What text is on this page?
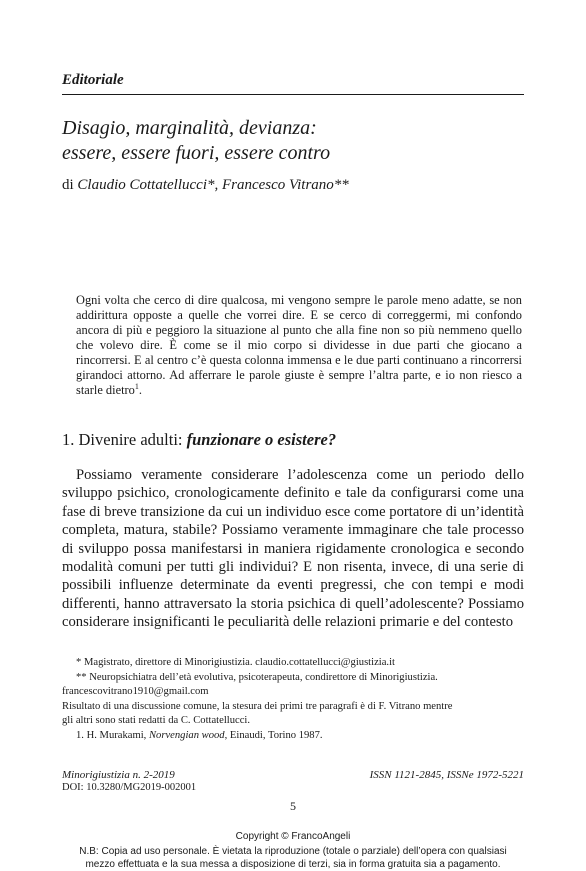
Editoriale
Disagio, marginalità, devianza:
essere, essere fuori, essere contro
di Claudio Cottatellucci*, Francesco Vitrano**

Ogni volta che cerco di dire qualcosa, mi vengono sempre le parole meno adatte, se non addirittura opposte a quelle che vorrei dire. E se cerco di correggermi, mi confondo ancora di più e peggioro la situazione al punto che alla fine non so più nemmeno quello che volevo dire. È come se il mio corpo si dividesse in due parti che giocano a rincorrersi. E al centro c’è questa colonna immensa e le due parti continuano a rincorrersi girandoci attorno. Ad afferrare le parole giuste è sempre l’altra parte, e io non riesco a starle dietro$^1$.

1. Divenire adulti: funzionare o esistere?

Possiamo veramente considerare l’adolescenza come un periodo dello sviluppo psichico, cronologicamente definito e tale da configurarsi come una fase di breve transizione da cui un individuo esce come portatore di un’identità completa, matura, stabile? Possiamo veramente immaginare che tale processo di sviluppo possa manifestarsi in maniera rigidamente cronologica e secondo modalità comuni per tutti gli individui? E non risenta, invece, di una serie di possibili influenze determinate da eventi pregressi, che con tempi e modi differenti, hanno attraversato la storia psichica di quell’adolescente? Possiamo considerare insignificanti le peculiarità delle relazioni primarie e del contesto

* Magistrato, direttore di Minorigiustizia. claudio.cottatellucci@giustizia.it
** Neuropsichiatra dell’età evolutiva, psicoterapeuta, condirettore di Minorigiustizia.
francescovitrano1910@gmail.com
Risultato di una discussione comune, la stesura dei primi tre paragrafi è di F. Vitrano mentre
gli altri sono stati redatti da C. Cottatellucci.
1. H. Murakami, Norvengian wood, Einaudi, Torino 1987.
Minorigiustizia n. 2-2019	ISSN 1121-2845, ISSNe 1972-5221
DOI: 10.3280/MG2019-002001
5
Copyright © FrancoAngeli
N.B: Copia ad uso personale. È vietata la riproduzione (totale o parziale) dell’opera con qualsiasi
mezzo effettuata e la sua messa a disposizione di terzi, sia in forma gratuita sia a pagamento.
